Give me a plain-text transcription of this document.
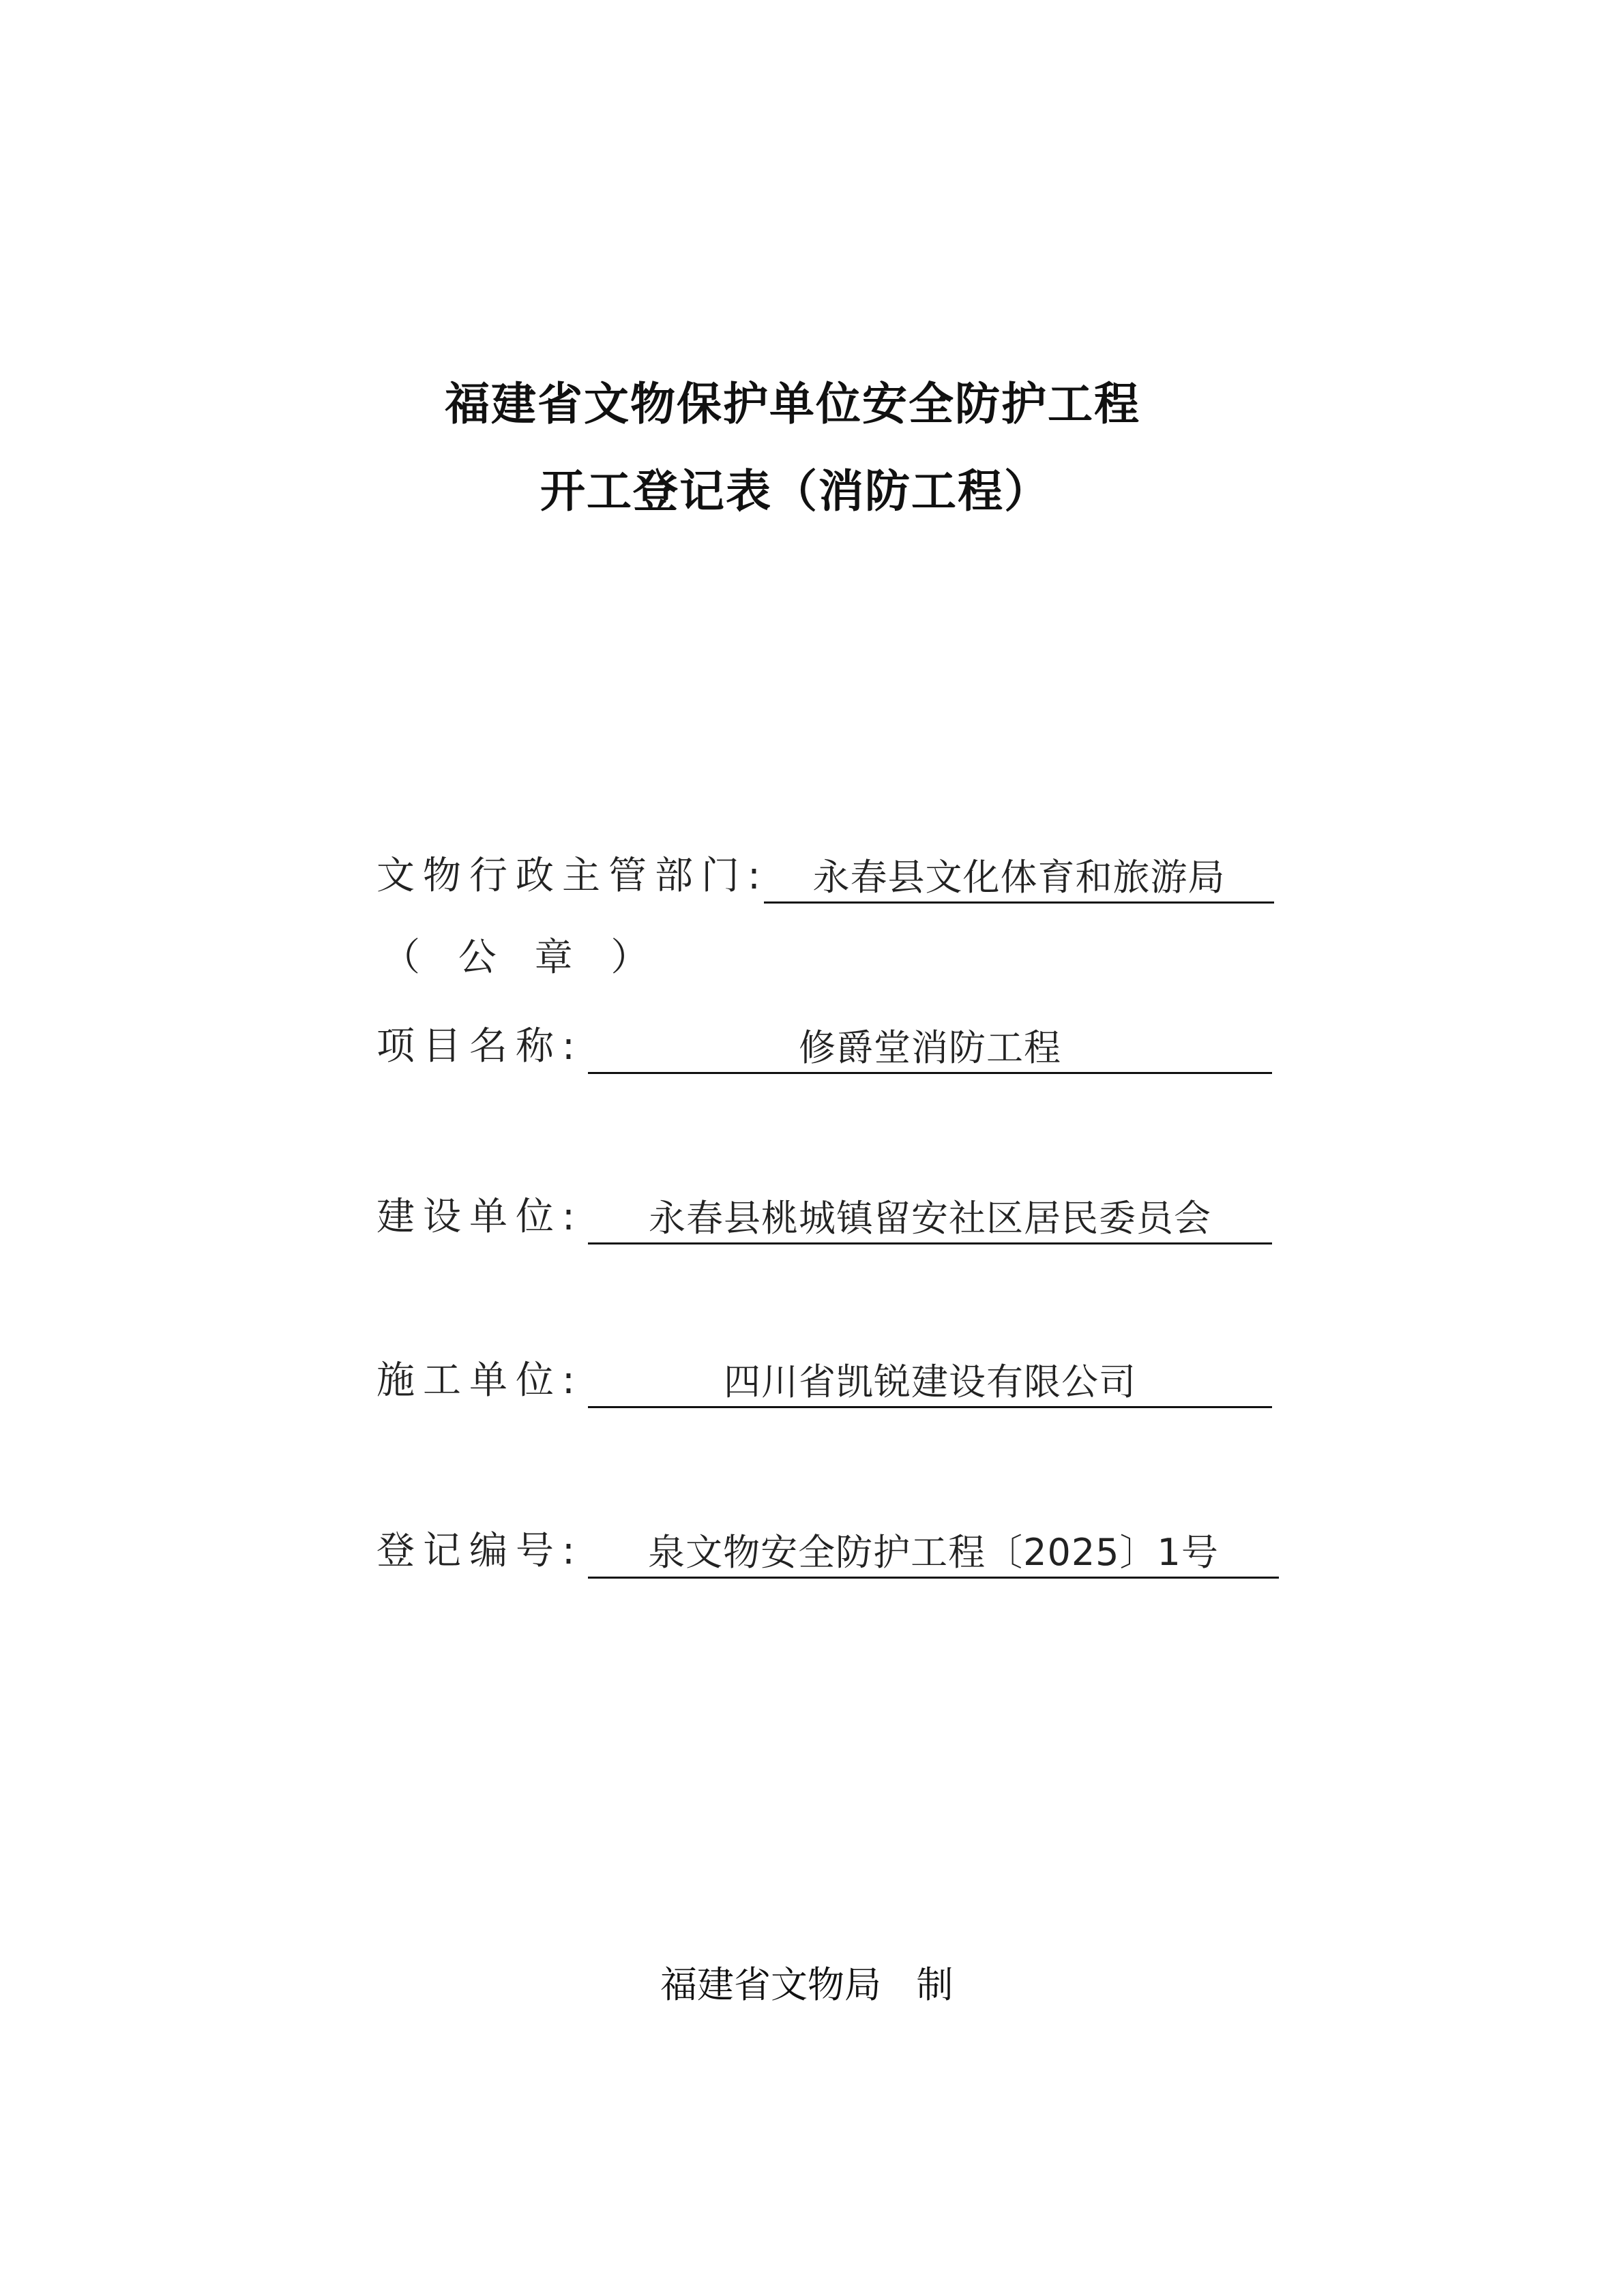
福建省文物保护单位安全防护工程
开工登记表（消防工程）
文物行政主管部门:	永春县文化体育和旅游局
（ 公 章 ）
项目名称:	修爵堂消防工程
建设单位:	永春县桃城镇留安社区居民委员会
施工单位:	四川省凯锐建设有限公司
登记编号:	泉文物安全防护工程〔2025〕1号
福建省文物局   制
